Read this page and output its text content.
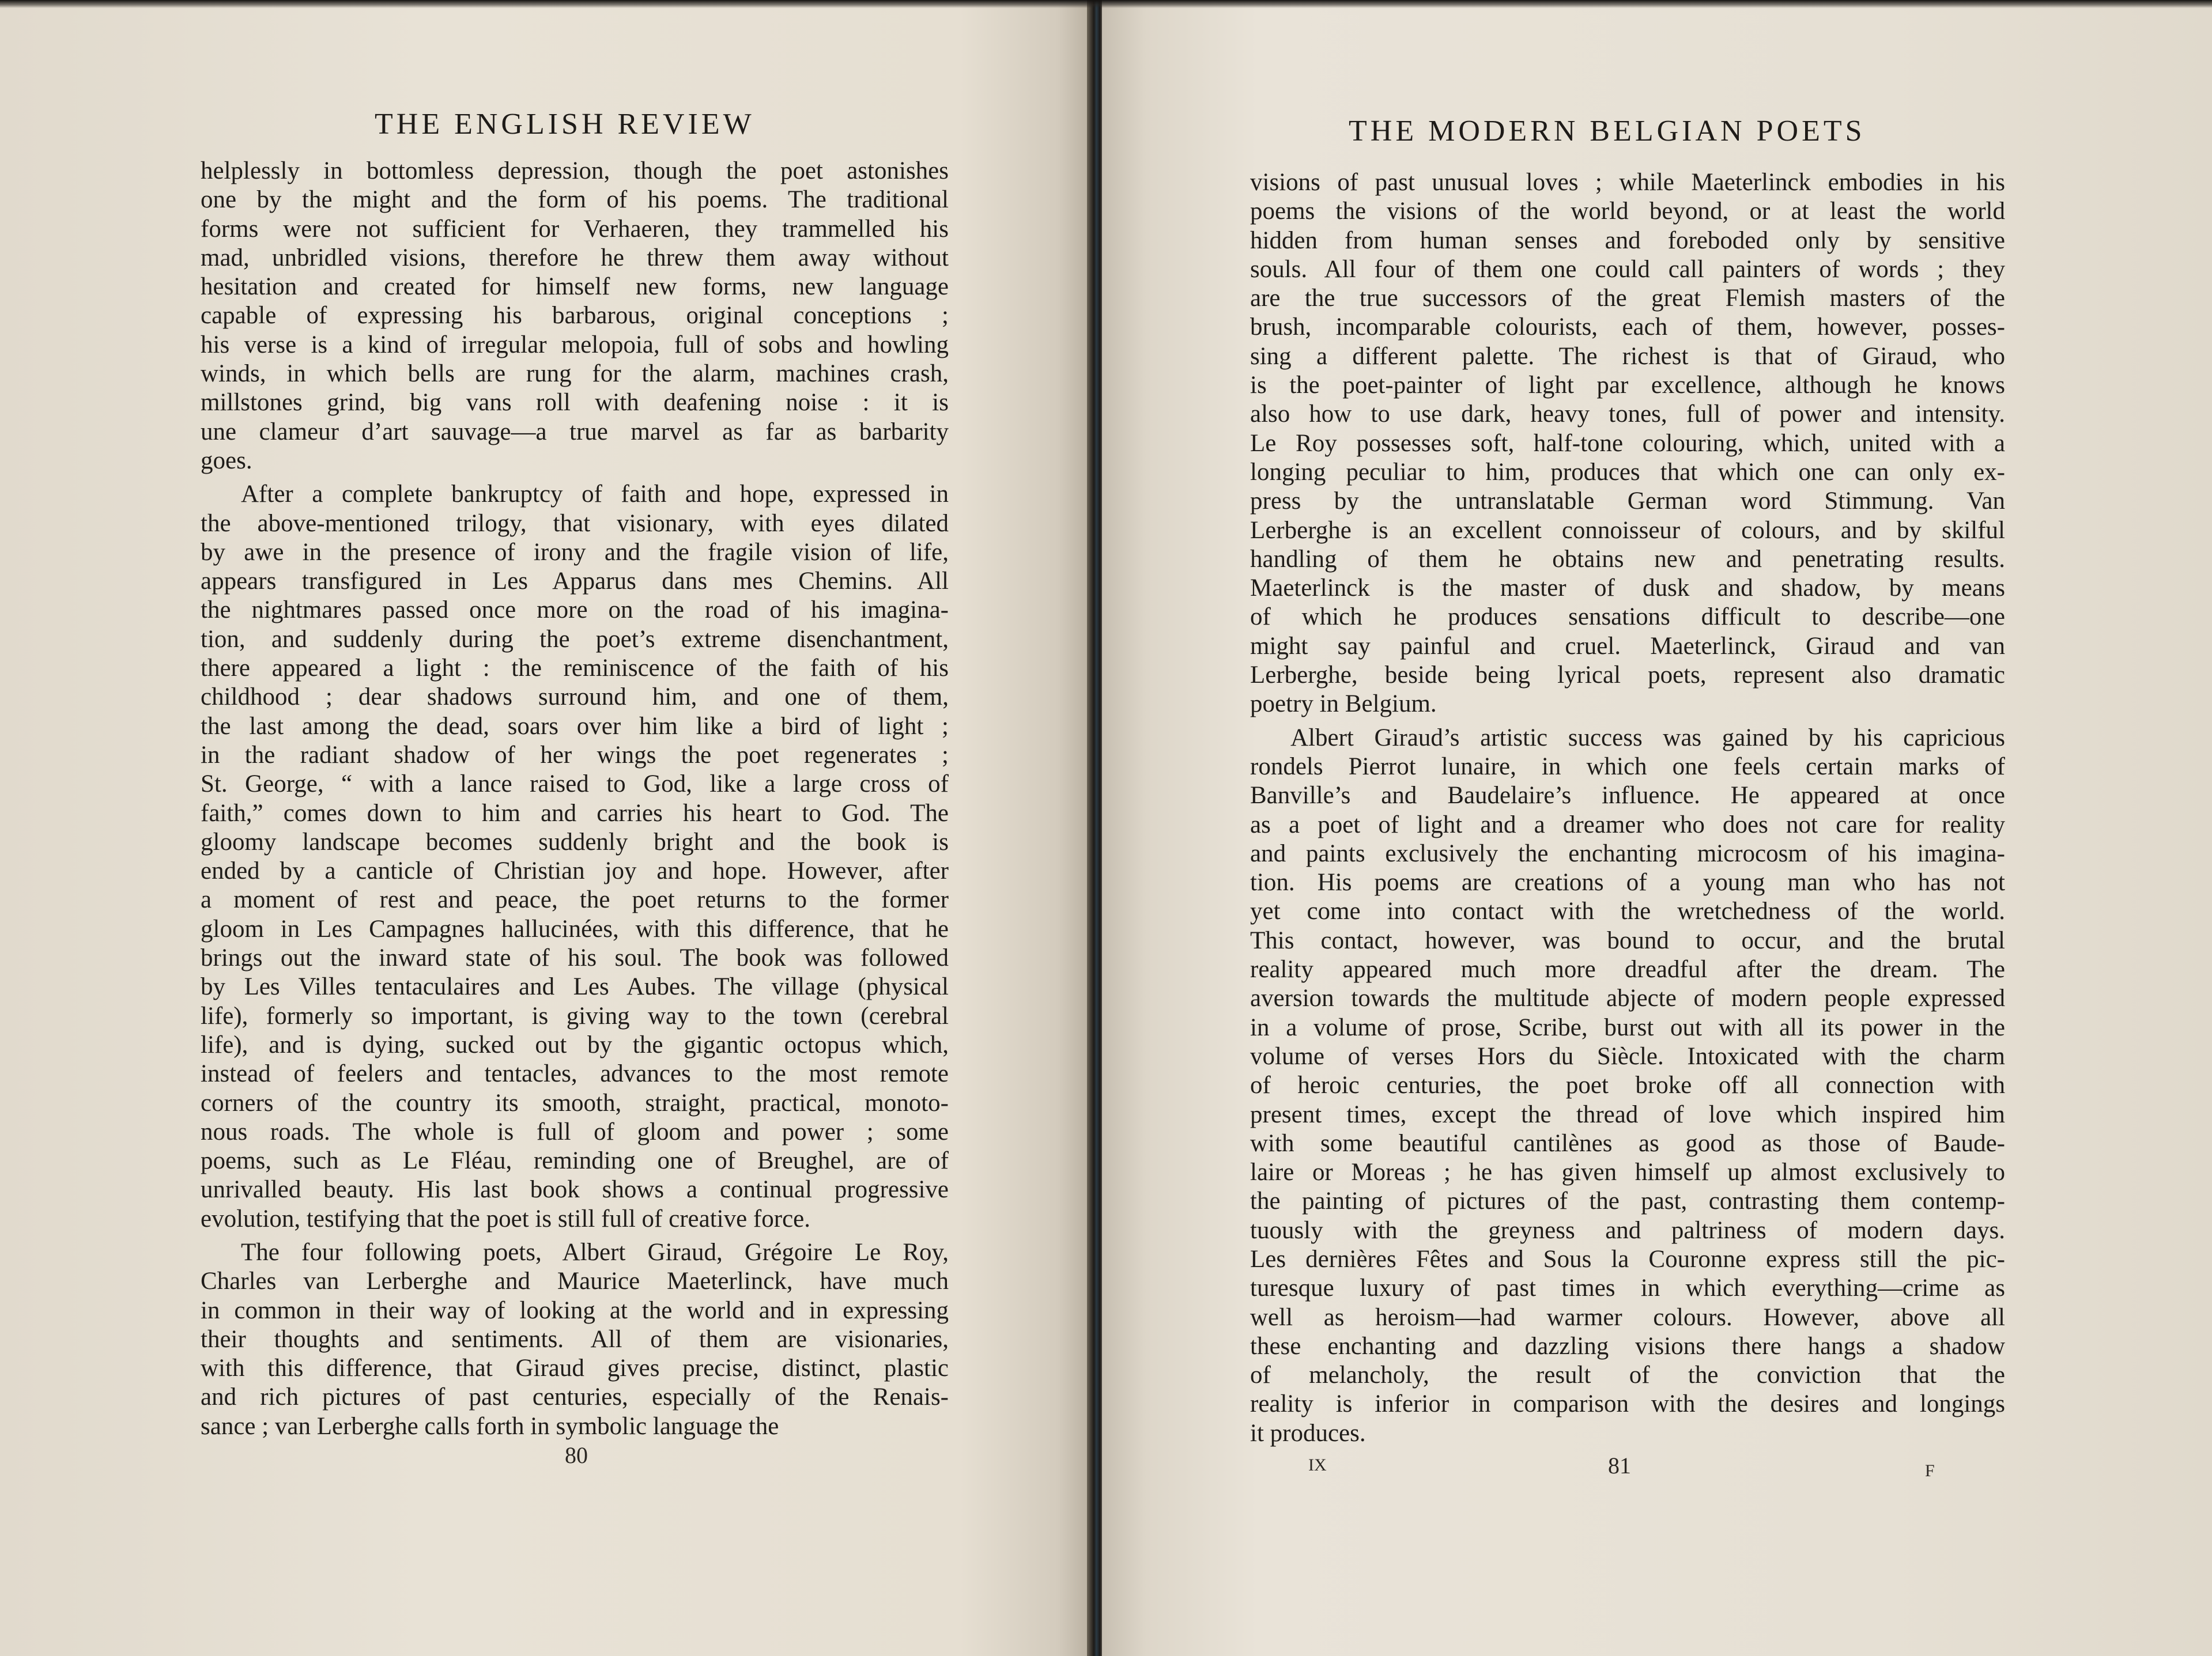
THE ENGLISH REVIEW
helplessly in bottomless depression, though the poet astonishes
one by the might and the form of his poems. The traditional
forms were not sufficient for Verhaeren, they trammelled his
mad, unbridled visions, therefore he threw them away without
hesitation and created for himself new forms, new language
capable of expressing his barbarous, original conceptions ;
his verse is a kind of irregular melopoia, full of sobs and howling
winds, in which bells are rung for the alarm, machines crash,
millstones grind, big vans roll with deafening noise : it is
une clameur d’art sauvage—a true marvel as far as barbarity
goes.
After a complete bankruptcy of faith and hope, expressed in
the above-mentioned trilogy, that visionary, with eyes dilated
by awe in the presence of irony and the fragile vision of life,
appears transfigured in Les Apparus dans mes Chemins. All
the nightmares passed once more on the road of his imagina-
tion, and suddenly during the poet’s extreme disenchantment,
there appeared a light : the reminiscence of the faith of his
childhood ; dear shadows surround him, and one of them,
the last among the dead, soars over him like a bird of light ;
in the radiant shadow of her wings the poet regenerates ;
St. George, “ with a lance raised to God, like a large cross of
faith,” comes down to him and carries his heart to God. The
gloomy landscape becomes suddenly bright and the book is
ended by a canticle of Christian joy and hope. However, after
a moment of rest and peace, the poet returns to the former
gloom in Les Campagnes hallucinées, with this difference, that he
brings out the inward state of his soul. The book was followed
by Les Villes tentaculaires and Les Aubes. The village (physical
life), formerly so important, is giving way to the town (cerebral
life), and is dying, sucked out by the gigantic octopus which,
instead of feelers and tentacles, advances to the most remote
corners of the country its smooth, straight, practical, monoto-
nous roads. The whole is full of gloom and power ; some
poems, such as Le Fléau, reminding one of Breughel, are of
unrivalled beauty. His last book shows a continual progressive
evolution, testifying that the poet is still full of creative force.
The four following poets, Albert Giraud, Grégoire Le Roy,
Charles van Lerberghe and Maurice Maeterlinck, have much
in common in their way of looking at the world and in expressing
their thoughts and sentiments. All of them are visionaries,
with this difference, that Giraud gives precise, distinct, plastic
and rich pictures of past centuries, especially of the Renais-
sance ; van Lerberghe calls forth in symbolic language the
80
THE MODERN BELGIAN POETS
visions of past unusual loves ; while Maeterlinck embodies in his
poems the visions of the world beyond, or at least the world
hidden from human senses and foreboded only by sensitive
souls. All four of them one could call painters of words ; they
are the true successors of the great Flemish masters of the
brush, incomparable colourists, each of them, however, posses-
sing a different palette. The richest is that of Giraud, who
is the poet-painter of light par excellence, although he knows
also how to use dark, heavy tones, full of power and intensity.
Le Roy possesses soft, half-tone colouring, which, united with a
longing peculiar to him, produces that which one can only ex-
press by the untranslatable German word Stimmung. Van
Lerberghe is an excellent connoisseur of colours, and by skilful
handling of them he obtains new and penetrating results.
Maeterlinck is the master of dusk and shadow, by means
of which he produces sensations difficult to describe—one
might say painful and cruel. Maeterlinck, Giraud and van
Lerberghe, beside being lyrical poets, represent also dramatic
poetry in Belgium.
Albert Giraud’s artistic success was gained by his capricious
rondels Pierrot lunaire, in which one feels certain marks of
Banville’s and Baudelaire’s influence. He appeared at once
as a poet of light and a dreamer who does not care for reality
and paints exclusively the enchanting microcosm of his imagina-
tion. His poems are creations of a young man who has not
yet come into contact with the wretchedness of the world.
This contact, however, was bound to occur, and the brutal
reality appeared much more dreadful after the dream. The
aversion towards the multitude abjecte of modern people expressed
in a volume of prose, Scribe, burst out with all its power in the
volume of verses Hors du Siècle. Intoxicated with the charm
of heroic centuries, the poet broke off all connection with
present times, except the thread of love which inspired him
with some beautiful cantilènes as good as those of Baude-
laire or Moreas ; he has given himself up almost exclusively to
the painting of pictures of the past, contrasting them contemp-
tuously with the greyness and paltriness of modern days.
Les dernières Fêtes and Sous la Couronne express still the pic-
turesque luxury of past times in which everything—crime as
well as heroism—had warmer colours. However, above all
these enchanting and dazzling visions there hangs a shadow
of melancholy, the result of the conviction that the
reality is inferior in comparison with the desires and longings
it produces.
IX	81	F
